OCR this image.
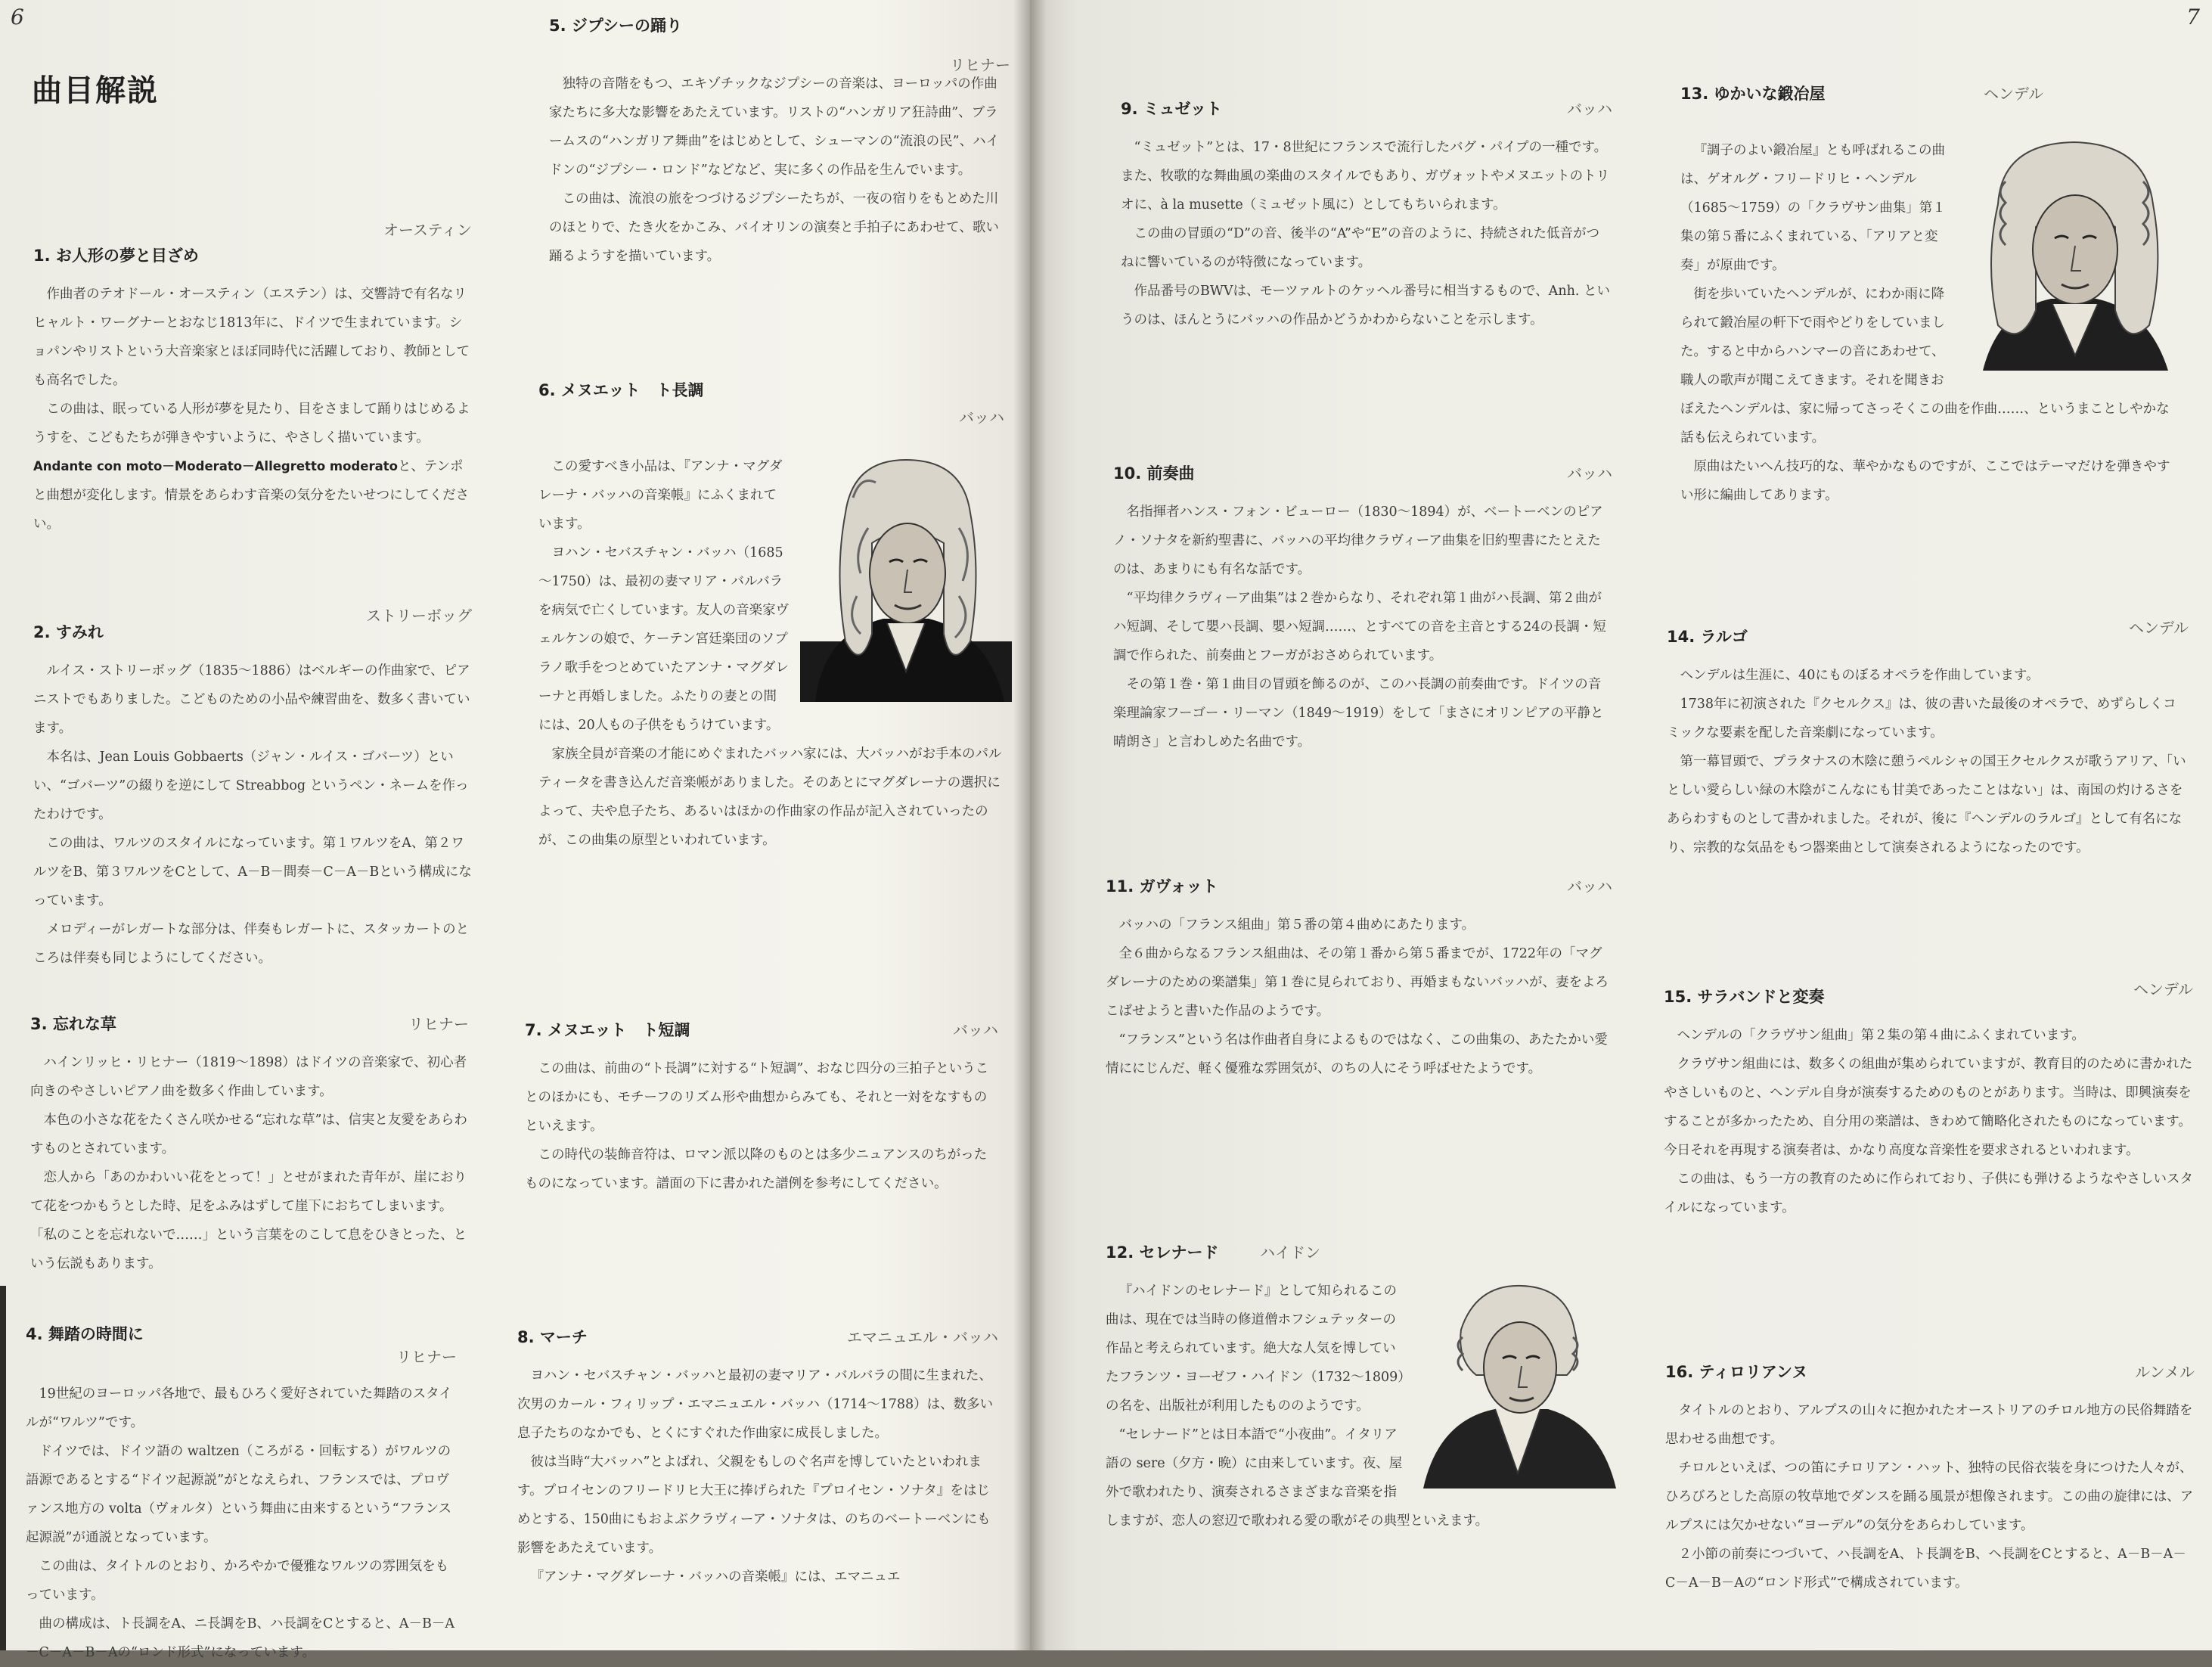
6
曲目解説
1. お人形の夢と目ざめ
オースティン

作曲者のテオドール・オースティン（エステン）は、交響詩で有名なリヒャルト・ワーグナーとおなじ1813年に、ドイツで生まれています。ショパンやリストという大音楽家とほぼ同時代に活躍しており、教師としても高名でした。

この曲は、眠っている人形が夢を見たり、目をさまして踊りはじめるようすを、こどもたちが弾きやすいように、やさしく描いています。

Andante con moto－Moderato－Allegretto moderatoと、テンポと曲想が変化します。情景をあらわす音楽の気分をたいせつにしてください。

2. すみれ
ストリーボッグ

ルイス・ストリーボッグ（1835～1886）はベルギーの作曲家で、ピアニストでもありました。こどものための小品や練習曲を、数多く書いています。

本名は、Jean Louis Gobbaerts（ジャン・ルイス・ゴバーツ）といい、“ゴバーツ”の綴りを逆にして Streabbog というペン・ネームを作ったわけです。

この曲は、ワルツのスタイルになっています。第１ワルツをA、第２ワルツをB、第３ワルツをCとして、A－B－間奏－C－A－Bという構成になっています。

メロディーがレガートな部分は、伴奏もレガートに、スタッカートのところは伴奏も同じようにしてください。

3. 忘れな草	リヒナー

ハインリッヒ・リヒナー（1819～1898）はドイツの音楽家で、初心者向きのやさしいピアノ曲を数多く作曲しています。

本色の小さな花をたくさん咲かせる“忘れな草”は、信実と友愛をあらわすものとされています。

恋人から「あのかわいい花をとって！」とせがまれた青年が、崖におりて花をつかもうとした時、足をふみはずして崖下におちてしまいます。「私のことを忘れないで……」という言葉をのこして息をひきとった、という伝説もあります。

4. 舞踏の時間に
リヒナー

19世紀のヨーロッパ各地で、最もひろく愛好されていた舞踏のスタイルが“ワルツ”です。

ドイツでは、ドイツ語の waltzen（ころがる・回転する）がワルツの語源であるとする“ドイツ起源説”がとなえられ、フランスでは、プロヴァンス地方の volta（ヴォルタ）という舞曲に由来するという“フランス起源説”が通説となっています。

この曲は、タイトルのとおり、かろやかで優雅なワルツの雰囲気をもっています。

曲の構成は、ト長調をA、ニ長調をB、ハ長調をCとすると、A－B－A－C－A－B－Aの“ロンド形式”になっています。

5. ジプシーの踊り
リヒナー

独特の音階をもつ、エキゾチックなジプシーの音楽は、ヨーロッパの作曲家たちに多大な影響をあたえています。リストの“ハンガリア狂詩曲”、ブラームスの“ハンガリア舞曲”をはじめとして、シューマンの“流浪の民”、ハイドンの“ジプシー・ロンド”などなど、実に多くの作品を生んでいます。

この曲は、流浪の旅をつづけるジプシーたちが、一夜の宿りをもとめた川のほとりで、たき火をかこみ、バイオリンの演奏と手拍子にあわせて、歌い踊るようすを描いています。

6. メヌエット　ト長調
バッハ

この愛すべき小品は、『アンナ・マグダレーナ・バッハの音楽帳』にふくまれています。

ヨハン・セバスチャン・バッハ（1685～1750）は、最初の妻マリア・バルバラを病気で亡くしています。友人の音楽家ヴェルケンの娘で、ケーテン宮廷楽団のソプラノ歌手をつとめていたアンナ・マグダレーナと再婚しました。ふたりの妻との間には、20人もの子供をもうけています。

家族全員が音楽の才能にめぐまれたバッハ家には、大バッハがお手本のパルティータを書き込んだ音楽帳がありました。そのあとにマグダレーナの選択によって、夫や息子たち、あるいはほかの作曲家の作品が記入されていったのが、この曲集の原型といわれています。

7. メヌエット　ト短調	バッハ

この曲は、前曲の“ト長調”に対する“ト短調”、おなじ四分の三拍子ということのほかにも、モチーフのリズム形や曲想からみても、それと一対をなすものといえます。

この時代の装飾音符は、ロマン派以降のものとは多少ニュアンスのちがったものになっています。譜面の下に書かれた譜例を参考にしてください。

8. マーチ	エマニュエル・バッハ

ヨハン・セバスチャン・バッハと最初の妻マリア・バルバラの間に生まれた、次男のカール・フィリップ・エマニュエル・バッハ（1714～1788）は、数多い息子たちのなかでも、とくにすぐれた作曲家に成長しました。

彼は当時“大バッハ”とよばれ、父親をもしのぐ名声を博していたといわれます。プロイセンのフリードリヒ大王に捧げられた『プロイセン・ソナタ』をはじめとする、150曲にもおよぶクラヴィーア・ソナタは、のちのベートーベンにも影響をあたえています。

『アンナ・マグダレーナ・バッハの音楽帳』には、エマニュエ

7
9. ミュゼット	バッハ

“ミュゼット”とは、17・8世紀にフランスで流行したバグ・パイプの一種です。また、牧歌的な舞曲風の楽曲のスタイルでもあり、ガヴォットやメヌエットのトリオに、à la musette（ミュゼット風に）としてもちいられます。

この曲の冒頭の“D”の音、後半の“A”や“E”の音のように、持続された低音がつねに響いているのが特徴になっています。

作品番号のBWVは、モーツァルトのケッヘル番号に相当するもので、Anh. というのは、ほんとうにバッハの作品かどうかわからないことを示します。

10. 前奏曲	バッハ

名指揮者ハンス・フォン・ビューロー（1830～1894）が、ベートーベンのピアノ・ソナタを新約聖書に、バッハの平均律クラヴィーア曲集を旧約聖書にたとえたのは、あまりにも有名な話です。

“平均律クラヴィーア曲集”は２巻からなり、それぞれ第１曲がハ長調、第２曲がハ短調、そして嬰ハ長調、嬰ハ短調……、とすべての音を主音とする24の長調・短調で作られた、前奏曲とフーガがおさめられています。

その第１巻・第１曲目の冒頭を飾るのが、このハ長調の前奏曲です。ドイツの音楽理論家フーゴー・リーマン（1849～1919）をして「まさにオリンピアの平静と晴朗さ」と言わしめた名曲です。

11. ガヴォット	バッハ

バッハの「フランス組曲」第５番の第４曲めにあたります。

全６曲からなるフランス組曲は、その第１番から第５番までが、1722年の「マグダレーナのための楽譜集」第１巻に見られており、再婚まもないバッハが、妻をよろこばせようと書いた作品のようです。

“フランス”という名は作曲者自身によるものではなく、この曲集の、あたたかい愛情ににじんだ、軽く優雅な雰囲気が、のちの人にそう呼ばせたようです。

12. セレナード

『ハイドンのセレナード』として知られるこの曲は、現在では当時の修道僧ホフシュテッターの作品と考えられています。絶大な人気を博していたフランツ・ヨーゼフ・ハイドン（1732～1809）の名を、出版社が利用したもののようです。

“セレナード”とは日本語で“小夜曲”。イタリア語の sere（夕方・晩）に由来しています。夜、屋外で歌われたり、演奏されるさまざまな音楽を指しますが、恋人の窓辺で歌われる愛の歌がその典型といえます。

ハイドン
13. ゆかいな鍛冶屋	ヘンデル

『調子のよい鍛冶屋』とも呼ばれるこの曲は、ゲオルグ・フリードリヒ・ヘンデル（1685～1759）の「クラヴサン曲集」第１集の第５番にふくまれている、「アリアと変奏」が原曲です。

街を歩いていたヘンデルが、にわか雨に降られて鍛冶屋の軒下で雨やどりをしていました。すると中からハンマーの音にあわせて、職人の歌声が聞こえてきます。それを聞きおぼえたヘンデルは、家に帰ってさっそくこの曲を作曲……、というまことしやかな話も伝えられています。

原曲はたいへん技巧的な、華やかなものですが、ここではテーマだけを弾きやすい形に編曲してあります。

14. ラルゴ	ヘンデル

ヘンデルは生涯に、40にものぼるオペラを作曲しています。

1738年に初演された『クセルクス』は、彼の書いた最後のオペラで、めずらしくコミックな要素を配した音楽劇になっています。

第一幕冒頭で、プラタナスの木陰に憩うペルシャの国王クセルクスが歌うアリア、「いとしい愛らしい緑の木陰がこんなにも甘美であったことはない」は、南国の灼けるさをあらわすものとして書かれました。それが、後に『ヘンデルのラルゴ』として有名になり、宗教的な気品をもつ器楽曲として演奏されるようになったのです。

15. サラバンドと変奏	ヘンデル

ヘンデルの「クラヴサン組曲」第２集の第４曲にふくまれています。

クラヴサン組曲には、数多くの組曲が集められていますが、教育目的のために書かれたやさしいものと、ヘンデル自身が演奏するためのものとがあります。当時は、即興演奏をすることが多かったため、自分用の楽譜は、きわめて簡略化されたものになっています。今日それを再現する演奏者は、かなり高度な音楽性を要求されるといわれます。

この曲は、もう一方の教育のために作られており、子供にも弾けるようなやさしいスタイルになっています。

16. ティロリアンヌ	ルンメル

タイトルのとおり、アルプスの山々に抱かれたオーストリアのチロル地方の民俗舞踏を思わせる曲想です。

チロルといえば、つの笛にチロリアン・ハット、独特の民俗衣装を身につけた人々が、ひろびろとした高原の牧草地でダンスを踊る風景が想像されます。この曲の旋律には、アルプスには欠かせない“ヨーデル”の気分をあらわしています。

２小節の前奏につづいて、ハ長調をA、ト長調をB、ヘ長調をCとすると、A－B－A－C－A－B－Aの“ロンド形式”で構成されています。
